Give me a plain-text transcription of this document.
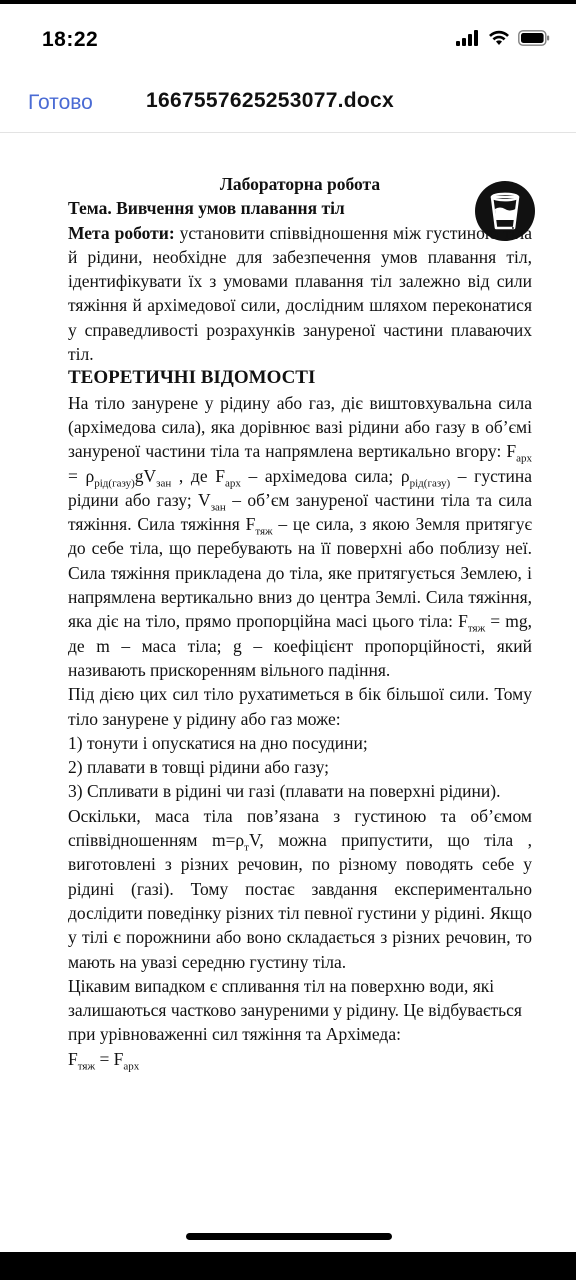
18:22
Готово	1667557625253077.docx

Лабораторна робота

Тема. Вивчення умов плавання тіл

Мета роботи: установити співвідношення між густиною тіла й рідини, необхідне для забезпечення умов плавання тіл, ідентифікувати їх з умовами плавання тіл залежно від сили тяжіння й архімедової сили, дослідним шляхом переконатися у справедливості розрахунків зануреної частини плаваючих тіл.

ТЕОРЕТИЧНІ ВІДОМОСТІ

На тіло занурене у рідину або газ, діє виштовхувальна сила (архімедова сила), яка дорівнює вазі рідини або газу в об’ємі зануреної частини тіла та напрямлена вертикально вгору: $F_{арх} = \rho_{рід(газу)}gV_{зан}$ , де $F_{арх}$ – архімедова сила; $\rho_{рід(газу)}$ – густина рідини або газу; $V_{зан}$ – об’єм зануреної частини тіла та сила тяжіння. Сила тяжіння $F_{тяж}$ – це сила, з якою Земля притягує до себе тіла, що перебувають на її поверхні або поблизу неї. Сила тяжіння прикладена до тіла, яке притягується Землею, і напрямлена вертикально вниз до центра Землі. Сила тяжіння, яка діє на тіло, прямо пропорційна масі цього тіла: $F_{тяж}$ = mg, де m – маса тіла; g – коефіцієнт пропорційності, який називають прискоренням вільного падіння.

Під дією цих сил тіло рухатиметься в бік більшої сили. Тому тіло занурене у рідину або газ може:

1) тонути і опускатися на дно посудини;

2) плавати в товщі рідини або газу;

3) Спливати в рідині чи газі (плавати на поверхні рідини).

Оскільки, маса тіла пов’язана з густиною та об’ємом співвідношенням $m=\rho_тV$, можна припустити, що тіла , виготовлені з різних речовин, по різному поводять себе у рідині (газі). Тому постає завдання експериментально дослідити поведінку різних тіл певної густини у рідині. Якщо у тілі є порожнини або воно складається з різних речовин, то мають на увазі середню густину тіла.

Цікавим випадком є спливання тіл на поверхню води, які залишаються частково зануреними у рідину. Це відбувається при урівноваженні сил тяжіння та Архімеда:

$F_{тяж} = F_{арх}$
